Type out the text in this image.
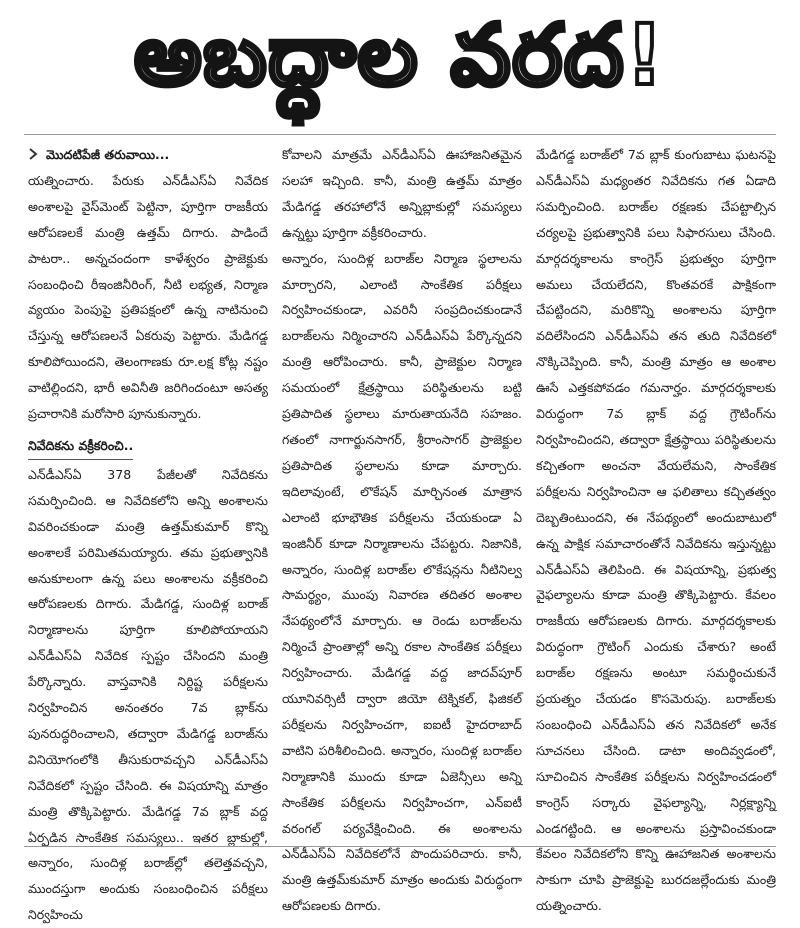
అబద్ధాల వరద!
మొదటిపేజీ తరువాయి...

యత్నించారు. పేరుకు ఎన్‌డీఎస్‌ఏ నివేదిక అంశాలపై వైస్‌మెంట్ పెట్టినా, పూర్తిగా రాజకీయ ఆరోపణలకే మంత్రి ఉత్తమ్ దిగారు. పాడిందే పాటరా.. అన్నచందంగా కాళేశ్వరం ప్రాజెక్టుకు సంబంధించి రీఇంజినీరింగ్, నీటి లభ్యత, నిర్మాణ వ్యయం పెంపుపై ప్రతిపక్షంలో ఉన్న నాటినుంచి చేస్తున్న ఆరోపణలనే ఏకరువు పెట్టారు. మేడిగడ్డ కూలిపోయిందని, తెలంగాణకు రూ.లక్ష కోట్ల నష్టం వాటిల్లిందని, భారీ అవినీతి జరిగిందంటూ అసత్య ప్రచారానికి మరోసారి పూనుకున్నారు.

నివేదికను వక్రీకరించి..

ఎన్‌డీఎస్‌ఏ 378 పేజీలతో నివేదికను సమర్పించింది. ఆ నివేదికలోని అన్ని అంశాలను వివరించకుండా మంత్రి ఉత్తమ్‌కుమార్ కొన్ని అంశాలకే పరిమితమయ్యారు. తమ ప్రభుత్వానికి అనుకూలంగా ఉన్న పలు అంశాలను వక్రీకరించి ఆరోపణలకు దిగారు. మేడిగడ్డ, సుందిళ్ల బరాజ్ నిర్మాణాలను పూర్తిగా కూలిపోయాయని ఎన్‌డీఎస్‌ఏ నివేదిక స్పష్టం చేసిందని మంత్రి పేర్కొన్నారు. వాస్తవానికి నిర్దిష్ట పరీక్షలను నిర్వహించిన అనంతరం 7వ బ్లాక్‌ను పునరుద్ధరించాలని, తద్వారా మేడిగడ్డ బరాజ్‌ను వినియోగంలోకి తీసుకురావచ్చని ఎన్‌డీఎస్‌ఏ నివేదికలో స్పష్టం చేసింది. ఈ విషయాన్ని మాత్రం మంత్రి తొక్కిపెట్టారు. మేడిగడ్డ 7వ బ్లాక్ వద్ద ఏర్పడిన సాంకేతిక సమస్యలు.. ఇతర బ్లాకుల్లో, అన్నారం, సుందిళ్ల బరాజ్‌ల్లో తలెత్తవచ్చని, ముందస్తుగా అందుకు సంబంధించిన పరీక్షలు నిర్వహించు

కోవాలని మాత్రమే ఎన్‌డీఎస్‌ఏ ఊహాజనితమైన సలహా ఇచ్చింది. కానీ, మంత్రి ఉత్తమ్ మాత్రం మేడిగడ్డ తరహాలోనే అన్నిబ్లాకుల్లో సమస్యలు ఉన్నట్టు పూర్తిగా వక్రీకరించారు.

అన్నారం, సుందిళ్ల బరాజ్‌ల నిర్మాణ స్థలాలను మార్చారని, ఎలాంటి సాంకేతిక పరీక్షలు నిర్వహించకుండా, ఎవరినీ సంప్రదించకుండానే బరాజ్‌లను నిర్మించారని ఎన్‌డీఎస్‌ఏ పేర్కొన్నదని మంత్రి ఆరోపించారు. కానీ, ప్రాజెక్టుల నిర్మాణ సమయంలో క్షేత్రస్థాయి పరిస్థితులను బట్టి ప్రతిపాదిత స్థలాలు మారుతాయనేది సహజం. గతంలో నాగార్జునసాగర్, శ్రీరాంసాగర్ ప్రాజెక్టుల ప్రతిపాదిత స్థలాలను కూడా మార్చారు. ఇదిలావుంటే, లొకేషన్ మార్చినంత మాత్రాన ఎలాంటి భూభౌతిక పరీక్షలను చేయకుండా ఏ ఇంజినీర్ కూడా నిర్మాణాలను చేపట్టరు. నిజానికి, అన్నారం, సుందిళ్ల బరాజ్‌ల లొకేషన్లను నీటినిల్వ సామర్థ్యం, ముంపు నివారణ తదితర అంశాల నేపథ్యంలోనే మార్చారు. ఆ రెండు బరాజ్‌లను నిర్మించే ప్రాంతాల్లో అన్ని రకాల సాంకేతిక పరీక్షలు నిర్వహించారు. మేడిగడ్డ వద్ద జాదవ్‌పూర్ యూనివర్సిటీ ద్వారా జియో టెక్నికల్, ఫిజికల్ పరీక్షలను నిర్వహించగా, ఐఐటీ హైదరాబాద్ వాటిని పరిశీలించింది. అన్నారం, సుందిళ్ల బరాజ్‌ల నిర్మాణానికి ముందు కూడా ఏజెన్సీలు అన్ని సాంకేతిక పరీక్షలను నిర్వహించగా, ఎన్‌ఐటీ వరంగల్ పర్యవేక్షించింది. ఈ అంశాలను ఎన్‌డీఎస్‌ఏ నివేదికలోనే పొందుపరిచారు. కానీ, మంత్రి ఉత్తమ్‌కుమార్ మాత్రం అందుకు విరుద్ధంగా ఆరోపణలకు దిగారు.

మేడిగడ్డ బరాజ్‌లో 7వ బ్లాక్ కుంగుబాటు ఘటనపై ఎన్‌డీఎస్‌ఏ మధ్యంతర నివేదికను గత ఏడాది సమర్పించింది. బరాజ్‌ల రక్షణకు చేపట్టాల్సిన చర్యలపై ప్రభుత్వానికి పలు సిఫారసులు చేసింది. మార్గదర్శకాలను కాంగ్రెస్ ప్రభుత్వం పూర్తిగా అమలు చేయలేదని, కొంతవరకే పాక్షికంగా చేపట్టిందని, మరికొన్ని అంశాలను పూర్తిగా వదిలేసిందని ఎన్‌డీఎస్‌ఏ తన తుది నివేదికలో నొక్కిచెప్పింది. కానీ, మంత్రి మాత్రం ఆ అంశాల ఊసే ఎత్తకపోవడం గమనార్హం. మార్గదర్శకాలకు విరుద్ధంగా 7వ బ్లాక్ వద్ద గ్రౌటింగ్‌ను నిర్వహించిందని, తద్వారా క్షేత్రస్థాయి పరిస్థితులను కచ్చితంగా అంచనా వేయలేమని, సాంకేతిక పరీక్షలను నిర్వహించినా ఆ ఫలితాలు కచ్చితత్వం దెబ్బతింటుందని, ఈ నేపథ్యంలో అందుబాటులో ఉన్న పాక్షిక సమాచారంతోనే నివేదికను ఇస్తున్నట్టు ఎన్‌డీఎస్‌ఏ తెలిపింది. ఈ విషయాన్ని, ప్రభుత్వ వైఫల్యాలను కూడా మంత్రి తొక్కిపెట్టారు. కేవలం రాజకీయ ఆరోపణలకు దిగారు. మార్గదర్శకాలకు విరుద్ధంగా గ్రౌటింగ్ ఎందుకు చేశారు? అంటే బరాజ్‌ల రక్షణను అంటూ సమర్థించుకునే ప్రయత్నం చేయడం కొసమెరుపు. బరాజ్‌లకు సంబంధించి ఎన్‌డీఎస్‌ఏ తన నివేదికలో అనేక సూచనలు చేసింది. డాటా అందివ్వడంలో, సూచించిన సాంకేతిక పరీక్షలను నిర్వహించడంలో కాంగ్రెస్ సర్కారు వైఫల్యాన్ని, నిర్లక్ష్యాన్ని ఎండగట్టింది. ఆ అంశాలను ప్రస్తావించకుండా కేవలం నివేదికలోని కొన్ని ఊహాజనిత అంశాలను సాకుగా చూపి ప్రాజెక్టుపై బురదజల్లేందుకు మంత్రి యత్నించారు.
